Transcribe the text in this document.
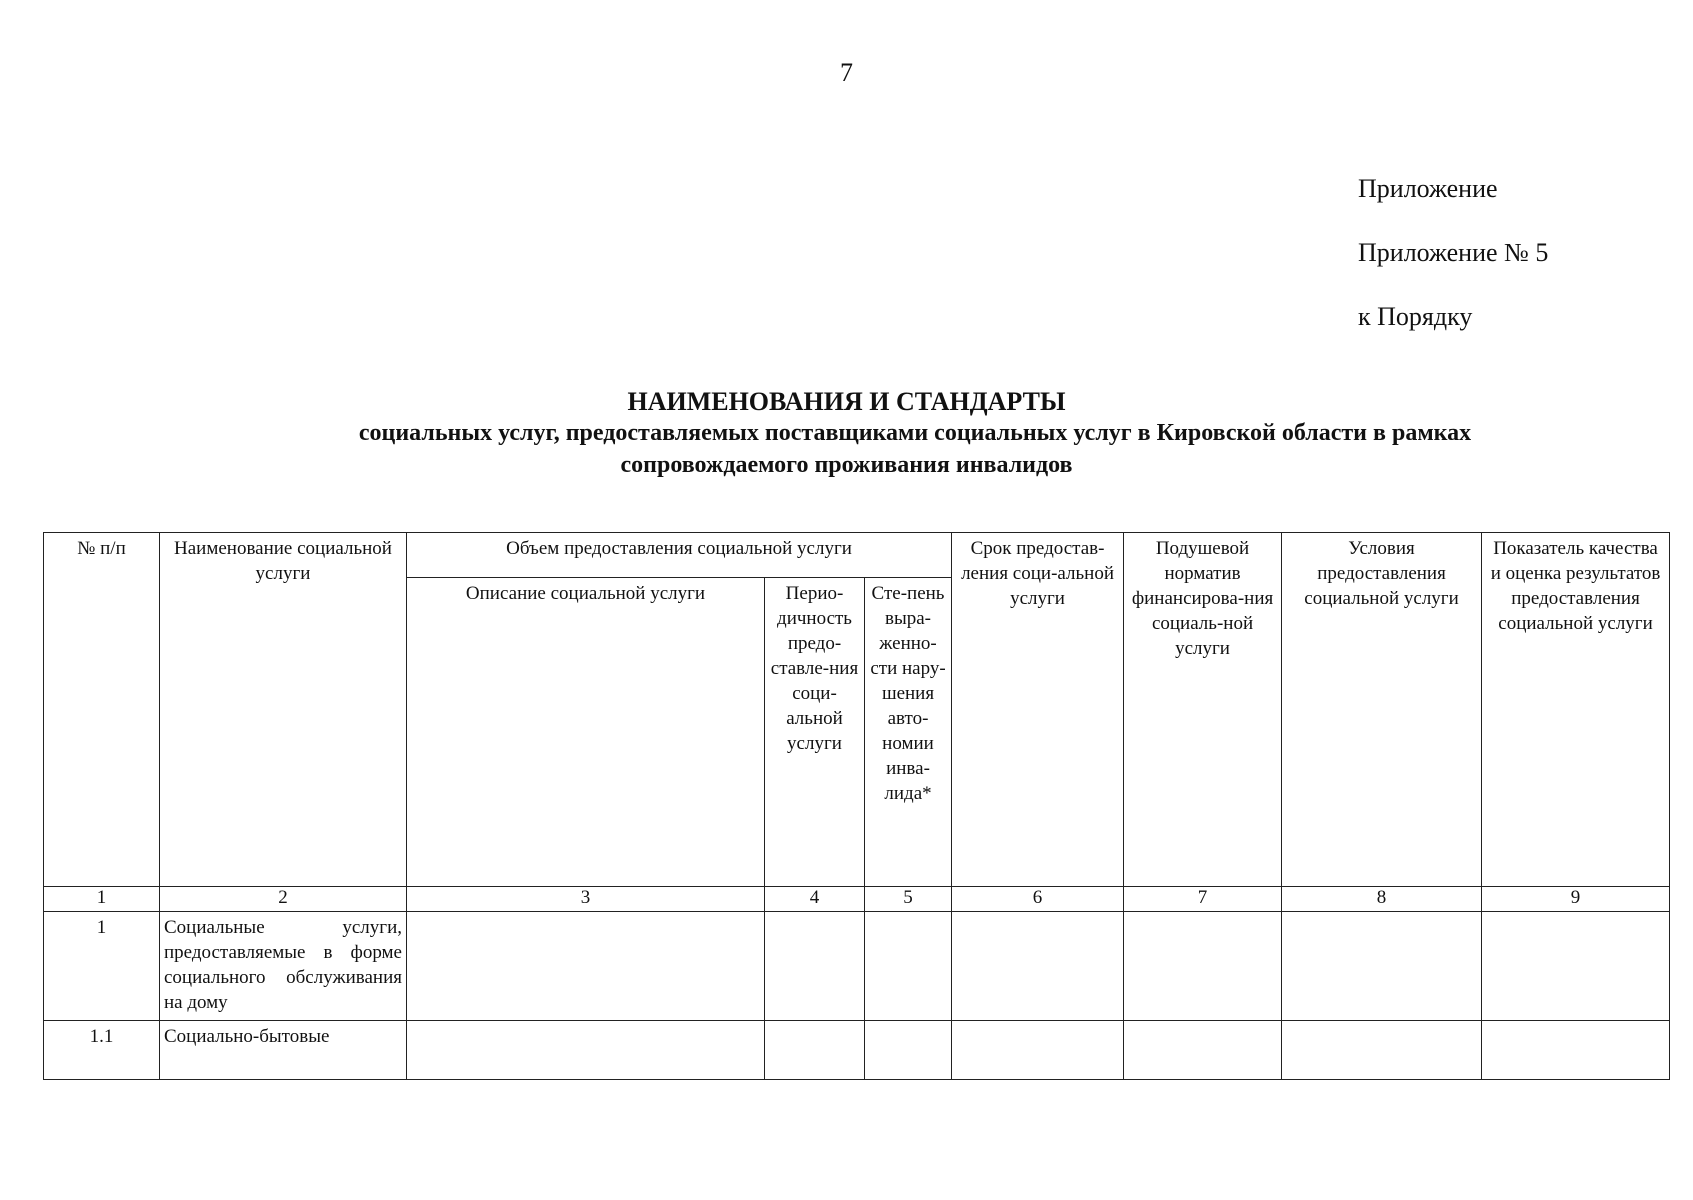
7
Приложение
Приложение № 5
к Порядку
НАИМЕНОВАНИЯ И СТАНДАРТЫ
социальных услуг, предоставляемых поставщиками социальных услуг в Кировской области в рамках
сопровождаемого проживания инвалидов
№ п/п	Наименование социальной услуги	Объем предоставления социальной услуги			Срок предостав-ления соци-альной услуги	Подушевой норматив финансирова-ния социаль-ной услуги	Условия предоставления социальной услуги	Показатель качества и оценка результатов предоставления социальной услуги
		Описание социальной услуги	Перио-дичность предо-ставле-ния соци-альной услуги	Сте-пень выра-женно-сти нару-шения авто-номии инва-лида*				
1	2	3	4	5	6	7	8	9
1	Социальные услуги, предоставляемые в форме социального обслуживания на дому							
1.1	Социально-бытовые							
